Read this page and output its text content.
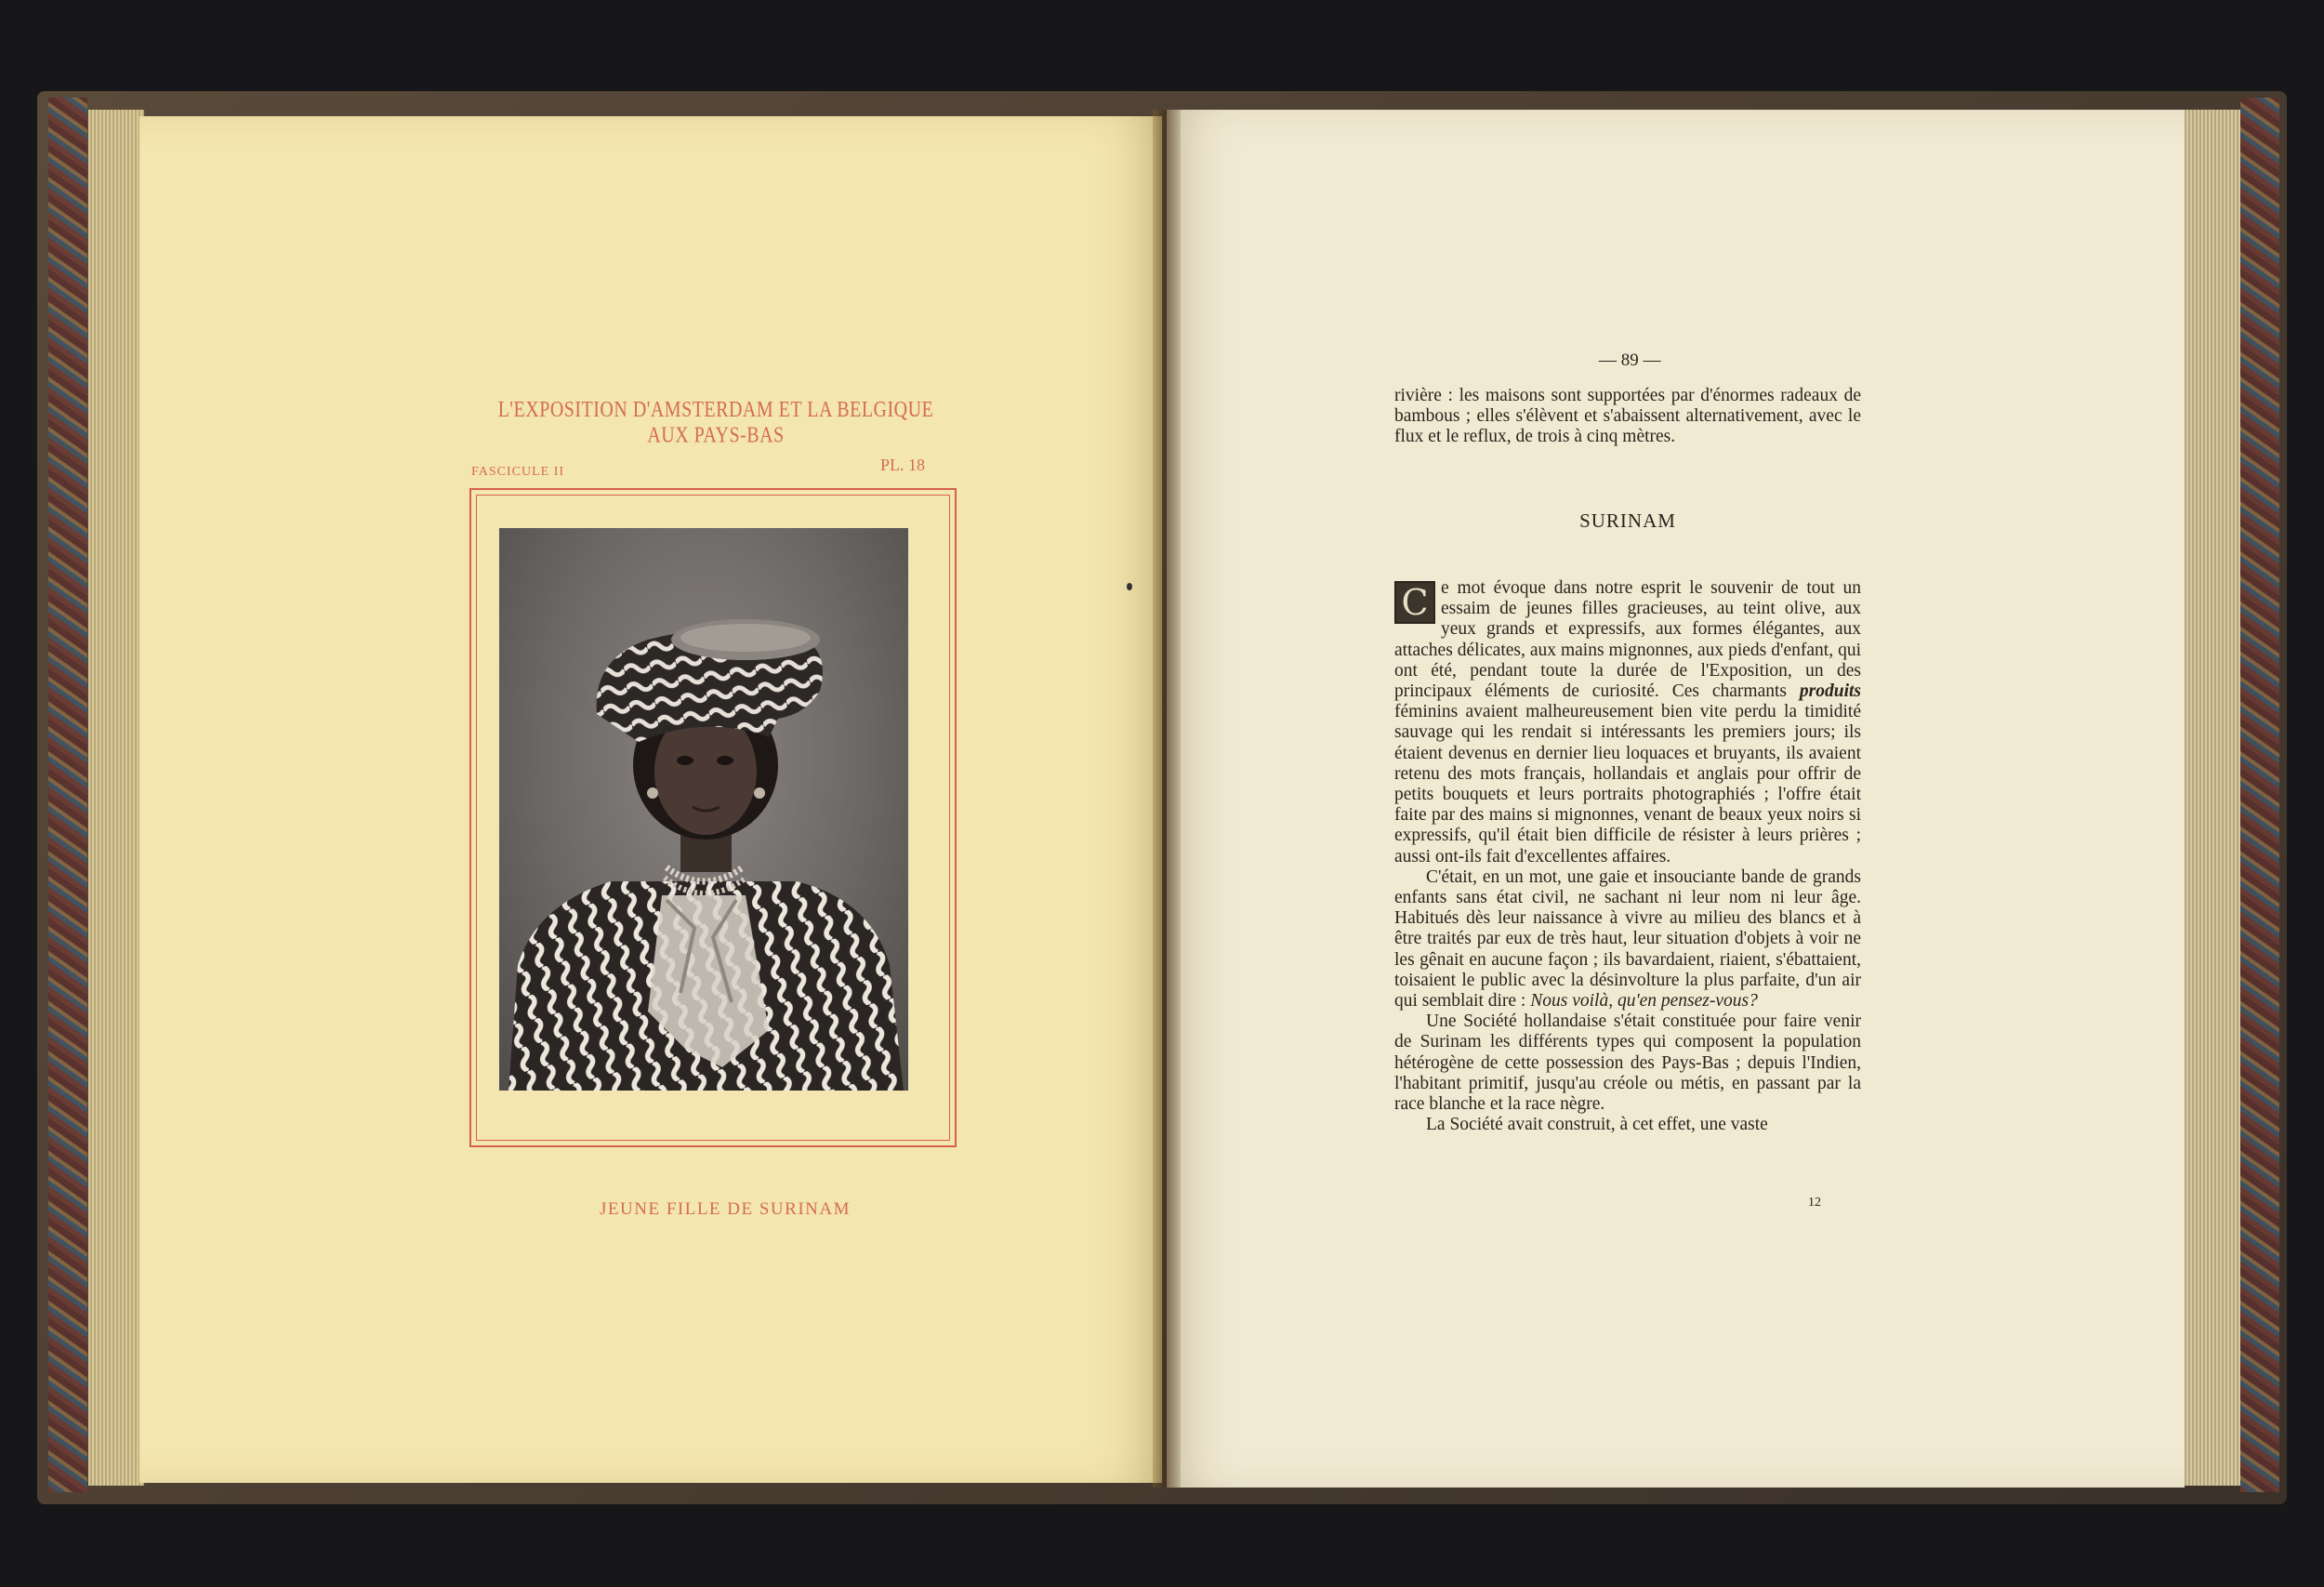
L'EXPOSITION D'AMSTERDAM ET LA BELGIQUE AUX PAYS-BAS
FASCICULE II	PL. 18
JEUNE FILLE DE SURINAM
— 89 —

rivière : les maisons sont supportées par d'énormes radeaux de bambous ; elles s'élèvent et s'abaissent alternativement, avec le flux et le reflux, de trois à cinq mètres.

SURINAM

C e mot évoque dans notre esprit le souvenir de tout un essaim de jeunes filles gracieuses, au teint olive, aux yeux grands et expressifs, aux formes élégantes, aux attaches délicates, aux mains mignonnes, aux pieds d'enfant, qui ont été, pendant toute la durée de l'Exposition, un des principaux éléments de curiosité. Ces charmants produits féminins avaient malheureusement bien vite perdu la timidité sauvage qui les rendait si intéressants les premiers jours; ils étaient devenus en dernier lieu loquaces et bruyants, ils avaient retenu des mots français, hollandais et anglais pour offrir de petits bouquets et leurs portraits photographiés ; l'offre était faite par des mains si mignonnes, venant de beaux yeux noirs si expressifs, qu'il était bien difficile de résister à leurs prières ; aussi ont-ils fait d'excellentes affaires.

C'était, en un mot, une gaie et insouciante bande de grands enfants sans état civil, ne sachant ni leur nom ni leur âge. Habitués dès leur naissance à vivre au milieu des blancs et à être traités par eux de très haut, leur situation d'objets à voir ne les gênait en aucune façon ; ils bavardaient, riaient, s'ébattaient, toisaient le public avec la désinvolture la plus parfaite, d'un air qui semblait dire : Nous voilà, qu'en pensez-vous?

Une Société hollandaise s'était constituée pour faire venir de Surinam les différents types qui composent la population hétérogène de cette possession des Pays-Bas ; depuis l'Indien, l'habitant primitif, jusqu'au créole ou métis, en passant par la race blanche et la race nègre.

La Société avait construit, à cet effet, une vaste

12
